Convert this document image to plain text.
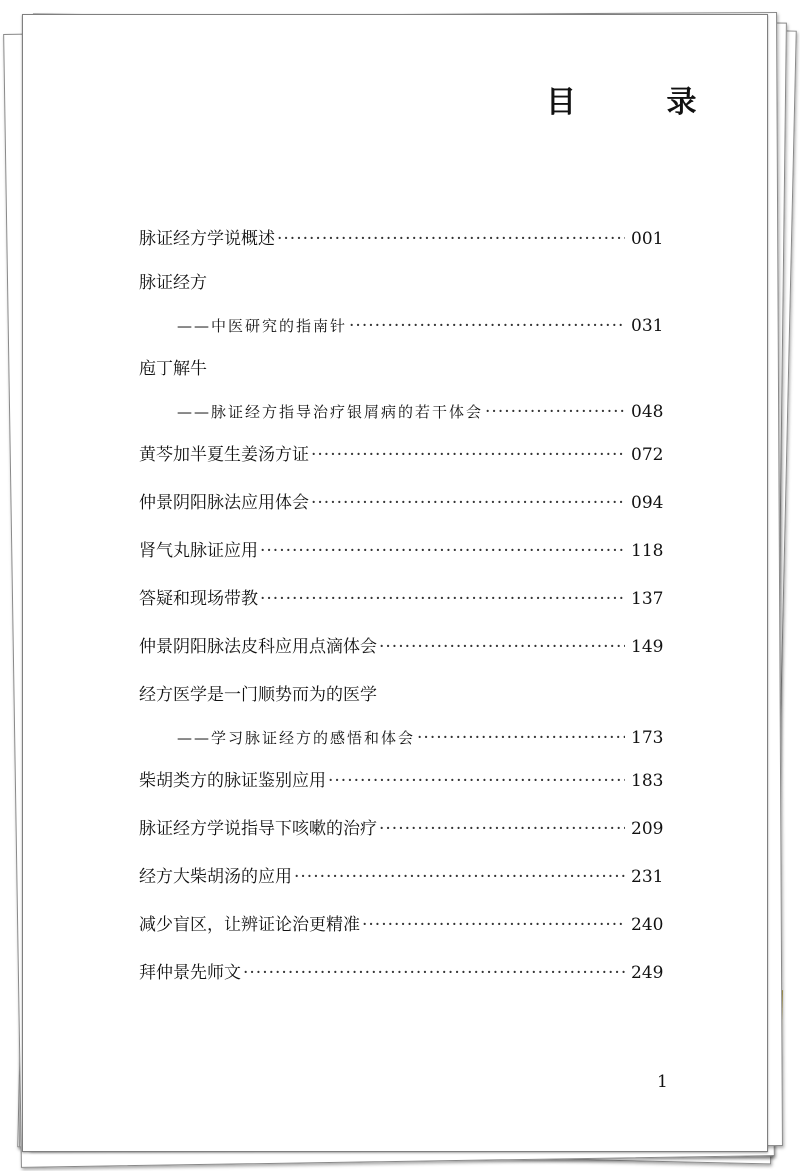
目 录
脉证经方学说概述 ·····	001
脉证经方
——中医研究的指南针 ·····	031
庖丁解牛
——脉证经方指导治疗银屑病的若干体会 ·····	048
黄芩加半夏生姜汤方证 ·····	072
仲景阴阳脉法应用体会 ·····	094
肾气丸脉证应用 ·····	118
答疑和现场带教 ·····	137
仲景阴阳脉法皮科应用点滴体会 ·····	149
经方医学是一门顺势而为的医学
——学习脉证经方的感悟和体会 ·····	173
柴胡类方的脉证鉴别应用 ·····	183
脉证经方学说指导下咳嗽的治疗 ·····	209
经方大柴胡汤的应用 ·····	231
减少盲区，让辨证论治更精准 ·····	240
拜仲景先师文 ·····	249
1
